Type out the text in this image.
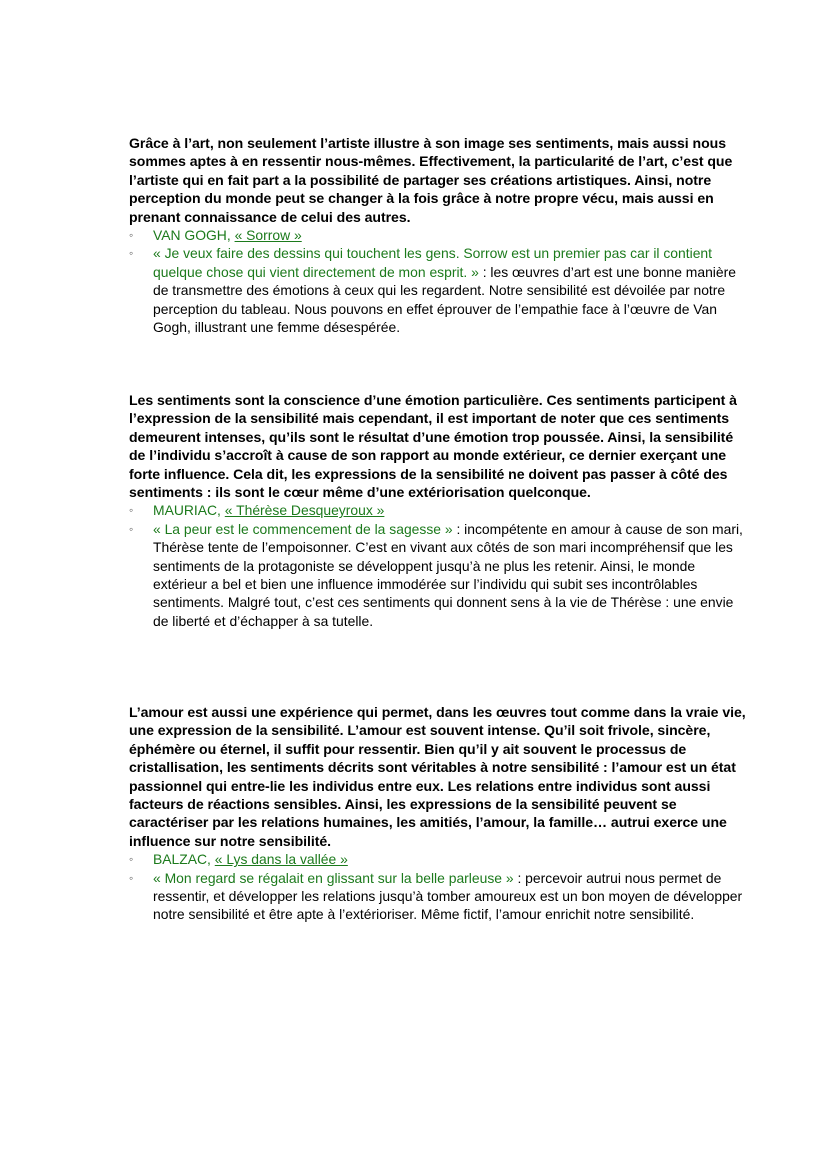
Grâce à l’art, non seulement l’artiste illustre à son image ses sentiments, mais aussi nous sommes aptes à en ressentir nous-mêmes. Effectivement, la particularité de l’art, c’est que l’artiste qui en fait part a la possibilité de partager ses créations artistiques. Ainsi, notre perception du monde peut se changer à la fois grâce à notre propre vécu, mais aussi en prenant connaissance de celui des autres.

◦ VAN GOGH, « Sorrow »
◦ « Je veux faire des dessins qui touchent les gens. Sorrow est un premier pas car il contient quelque chose qui vient directement de mon esprit. » : les œuvres d’art est une bonne manière de transmettre des émotions à ceux qui les regardent. Notre sensibilité est dévoilée par notre perception du tableau. Nous pouvons en effet éprouver de l’empathie face à l’œuvre de Van Gogh, illustrant une femme désespérée.

Les sentiments sont la conscience d’une émotion particulière. Ces sentiments participent à l’expression de la sensibilité mais cependant, il est important de noter que ces sentiments demeurent intenses, qu’ils sont le résultat d’une émotion trop poussée. Ainsi, la sensibilité de l’individu s’accroît à cause de son rapport au monde extérieur, ce dernier exerçant une forte influence. Cela dit, les expressions de la sensibilité ne doivent pas passer à côté des sentiments : ils sont le cœur même d’une extériorisation quelconque.

◦ MAURIAC, « Thérèse Desqueyroux »
◦ « La peur est le commencement de la sagesse » : incompétente en amour à cause de son mari, Thérèse tente de l’empoisonner. C’est en vivant aux côtés de son mari incompréhensif que les sentiments de la protagoniste se développent jusqu’à ne plus les retenir. Ainsi, le monde extérieur a bel et bien une influence immodérée sur l’individu qui subit ses incontrôlables sentiments. Malgré tout, c’est ces sentiments qui donnent sens à la vie de Thérèse : une envie de liberté et d’échapper à sa tutelle.

L’amour est aussi une expérience qui permet, dans les œuvres tout comme dans la vraie vie, une expression de la sensibilité. L’amour est souvent intense. Qu’il soit frivole, sincère, éphémère ou éternel, il suffit pour ressentir. Bien qu’il y ait souvent le processus de cristallisation, les sentiments décrits sont véritables à notre sensibilité : l’amour est un état passionnel qui entre-lie les individus entre eux. Les relations entre individus sont aussi facteurs de réactions sensibles. Ainsi, les expressions de la sensibilité peuvent se caractériser par les relations humaines, les amitiés, l’amour, la famille… autrui exerce une influence sur notre sensibilité.

◦ BALZAC, « Lys dans la vallée »
◦ « Mon regard se régalait en glissant sur la belle parleuse » : percevoir autrui nous permet de ressentir, et développer les relations jusqu’à tomber amoureux est un bon moyen de développer notre sensibilité et être apte à l’extérioriser. Même fictif, l’amour enrichit notre sensibilité.
